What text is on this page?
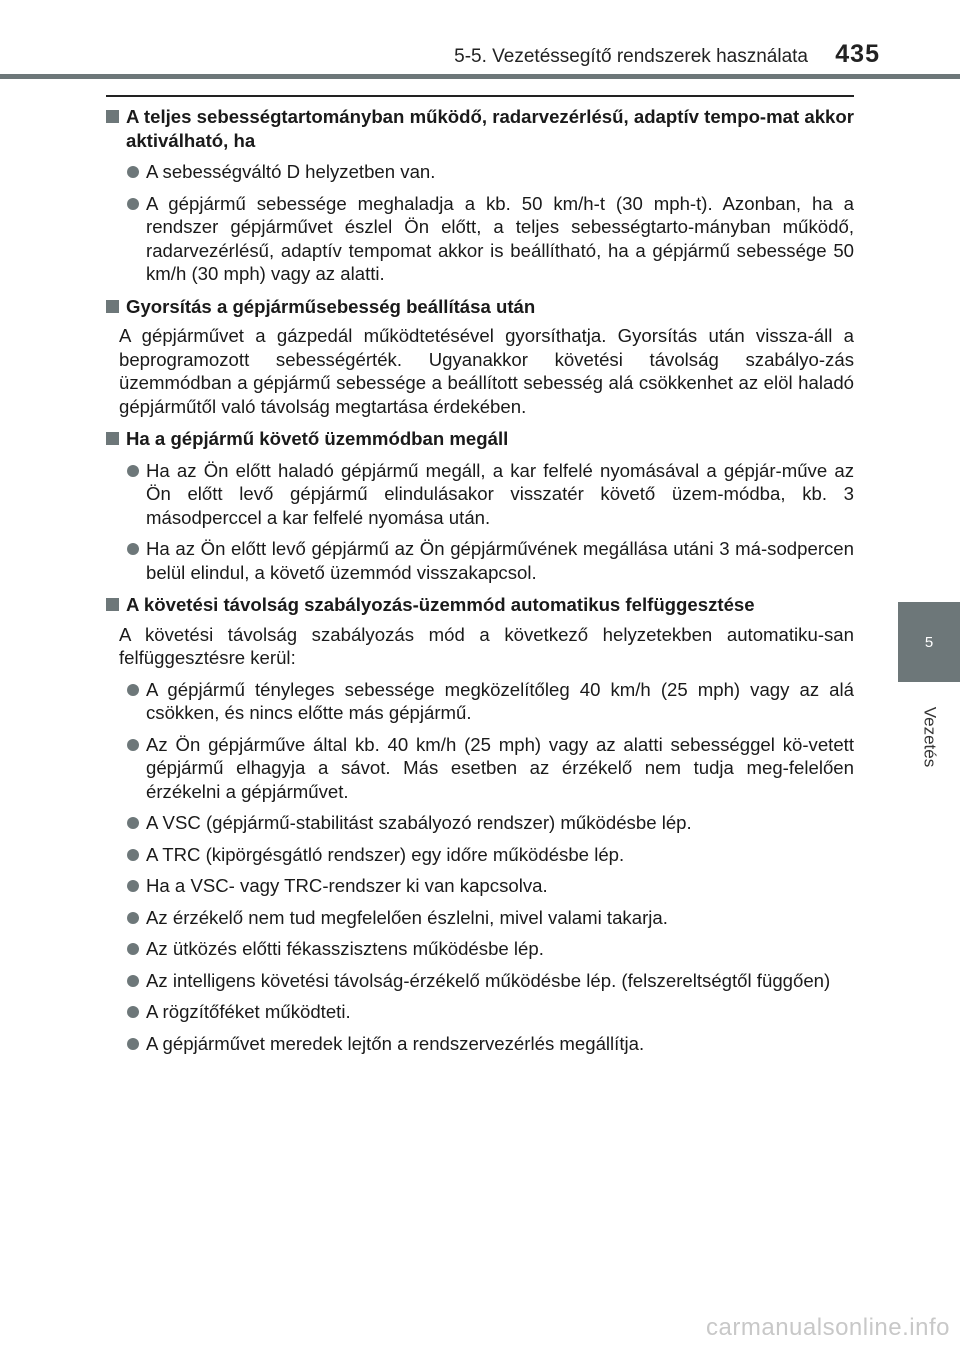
5-5. Vezetéssegítő rendszerek használata 435
5
Vezetés
A teljes sebességtartományban működő, radarvezérlésű, adaptív tempo-mat akkor aktiválható, ha
A sebességváltó D helyzetben van.
A gépjármű sebessége meghaladja a kb. 50 km/h-t (30 mph-t). Azonban, ha a rendszer gépjárművet észlel Ön előtt, a teljes sebességtarto-mányban működő, radarvezérlésű, adaptív tempomat akkor is beállítható, ha a gépjármű sebessége 50 km/h (30 mph) vagy az alatti.
Gyorsítás a gépjárműsebesség beállítása után
A gépjárművet a gázpedál működtetésével gyorsíthatja. Gyorsítás után vissza-áll a beprogramozott sebességérték. Ugyanakkor követési távolság szabályo-zás üzemmódban a gépjármű sebessége a beállított sebesség alá csökkenhet az elöl haladó gépjárműtől való távolság megtartása érdekében.
Ha a gépjármű követő üzemmódban megáll
Ha az Ön előtt haladó gépjármű megáll, a kar felfelé nyomásával a gépjár-műve az Ön előtt levő gépjármű elindulásakor visszatér követő üzem-módba, kb. 3 másodperccel a kar felfelé nyomása után.
Ha az Ön előtt levő gépjármű az Ön gépjárművének megállása utáni 3 má-sodpercen belül elindul, a követő üzemmód visszakapcsol.
A követési távolság szabályozás-üzemmód automatikus felfüggesztése
A követési távolság szabályozás mód a következő helyzetekben automatiku-san felfüggesztésre kerül:
A gépjármű tényleges sebessége megközelítőleg 40 km/h (25 mph) vagy az alá csökken, és nincs előtte más gépjármű.
Az Ön gépjárműve által kb. 40 km/h (25 mph) vagy az alatti sebességgel kö-vetett gépjármű elhagyja a sávot. Más esetben az érzékelő nem tudja meg-felelően érzékelni a gépjárművet.
A VSC (gépjármű-stabilitást szabályozó rendszer) működésbe lép.
A TRC (kipörgésgátló rendszer) egy időre működésbe lép.
Ha a VSC- vagy TRC-rendszer ki van kapcsolva.
Az érzékelő nem tud megfelelően észlelni, mivel valami takarja.
Az ütközés előtti fékasszisztens működésbe lép.
Az intelligens követési távolság-érzékelő működésbe lép. (felszereltségtől függően)
A rögzítőféket működteti.
A gépjárművet meredek lejtőn a rendszervezérlés megállítja.
carmanualsonline.info
